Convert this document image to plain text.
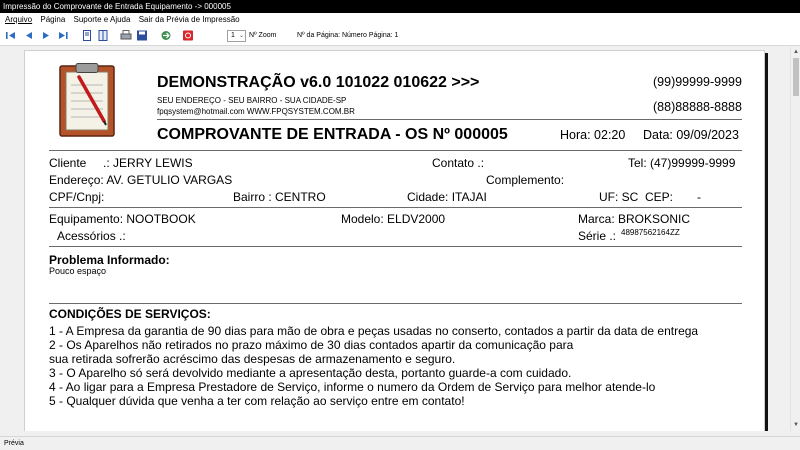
Impressão do Comprovante de Entrada Equipamento -> 000005
Arquivo Página Suporte e Ajuda Sair da Prévia de Impressão
1 ⌄ Nº Zoom	Nº da Página: Número Página: 1
DEMONSTRAÇÃO v6.0 101022 010622 >>>
SEU ENDEREÇO - SEU BAIRRO - SUA CIDADE-SP
fpqsystem@hotmail.com WWW.FPQSYSTEM.COM.BR
(99)99999-9999
(88)88888-8888
COMPROVANTE DE ENTRADA - OS Nº 000005	Hora: 02:20 Data: 09/09/2023
Cliente     .: JERRY LEWIS	Contato .:	Tel: (47)99999-9999
Endereço: AV. GETULIO VARGAS	Complemento:
CPF/Cnpj:	Bairro : CENTRO	Cidade: ITAJAI	UF: SC CEP: -
Equipamento: NOOTBOOK	Modelo: ELDV2000	Marca: BROKSONIC
Acessórios .:	Série .: 48987562164ZZ
Problema Informado:
Pouco espaço
CONDIÇÕES DE SERVIÇOS:
1 - A Empresa da garantia de 90 dias para mão de obra e peças usadas no conserto, contados a partir da data de entrega
2 - Os Aparelhos não retirados no prazo máximo de 30 dias contados apartir da comunicação para
sua retirada sofrerão acréscimo das despesas de armazenamento e seguro.
3 - O Aparelho só será devolvido mediante a apresentação desta, portanto guarde-a com cuidado.
4 - Ao ligar para a Empresa Prestadore de Serviço, informe o numero da Ordem de Serviço para melhor atende-lo
5 - Qualquer dúvida que venha a ter com relação ao serviço entre em contato!
▲
▼
Prévia
